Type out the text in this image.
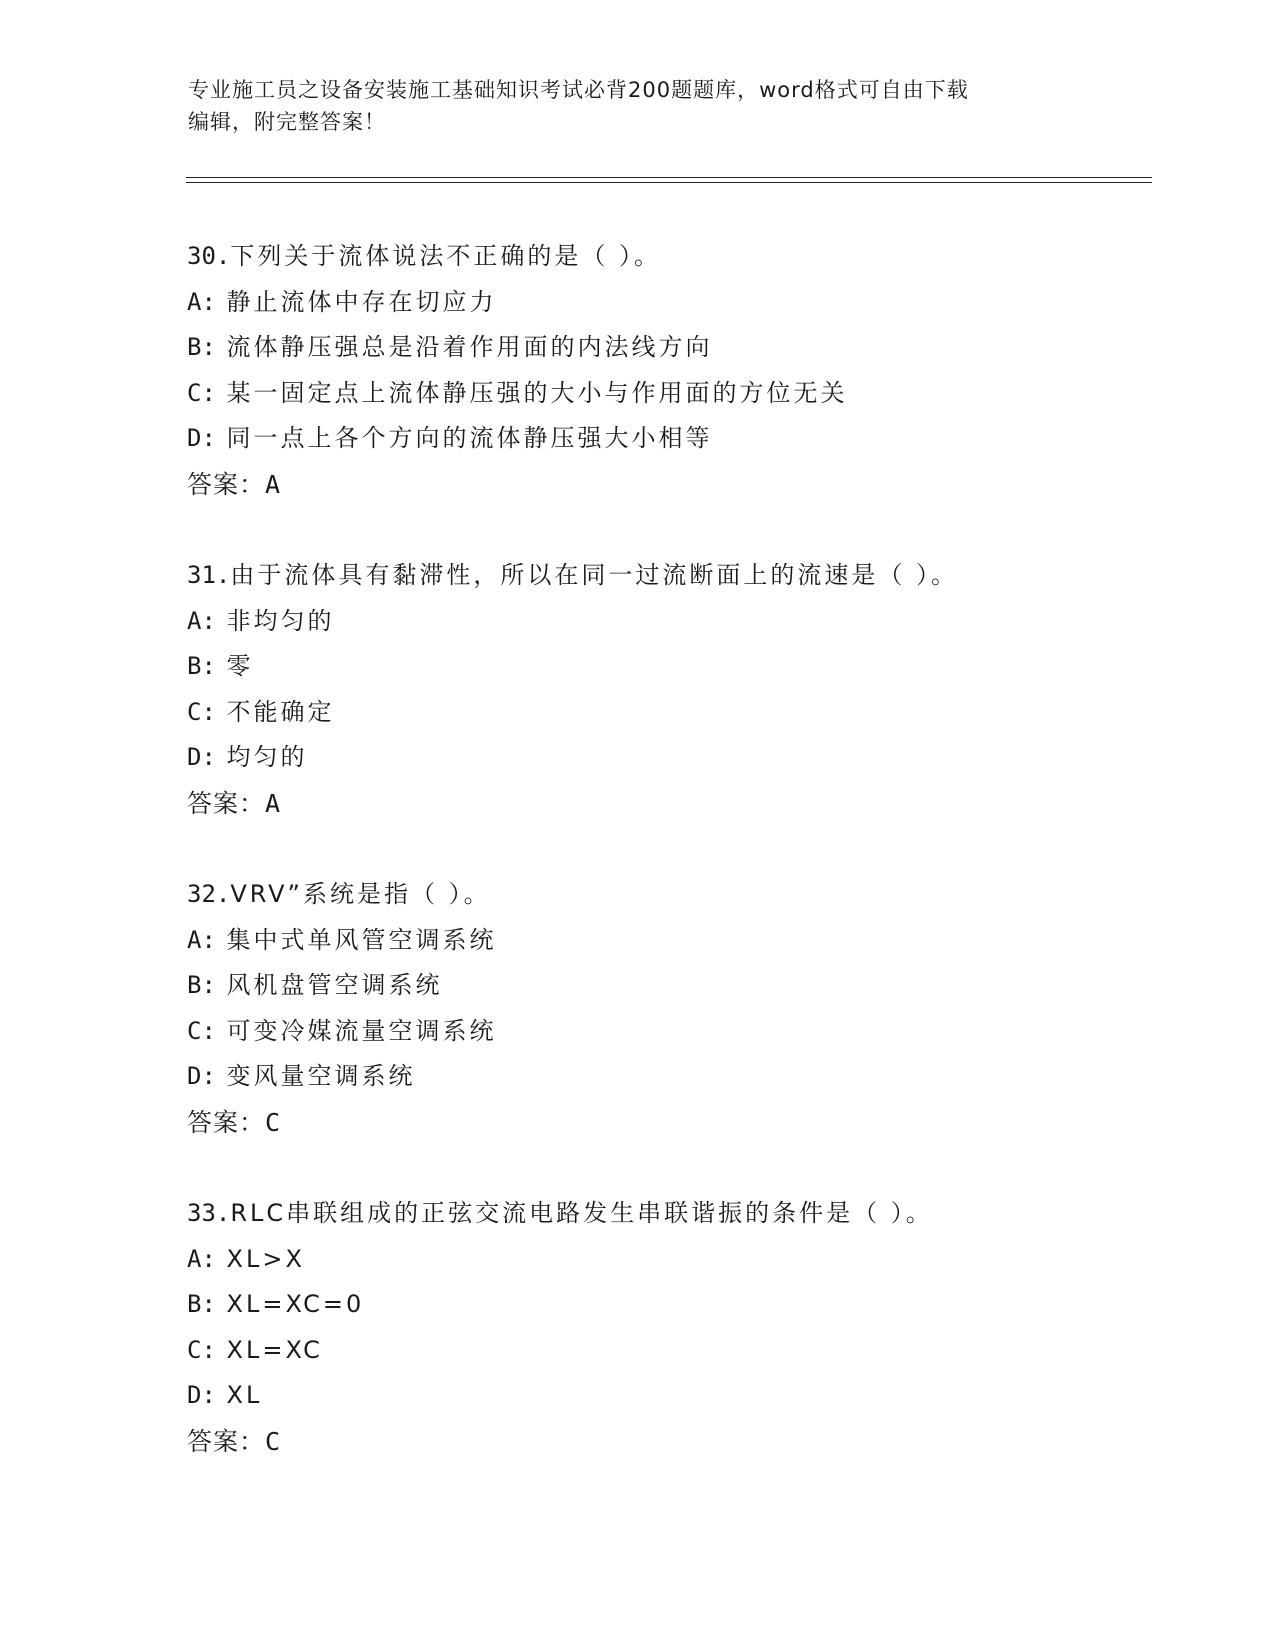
专业施工员之设备安装施工基础知识考试必背200题题库，word格式可自由下载
编辑，附完整答案！
30.下列关于流体说法不正确的是（ ）。
A: 静止流体中存在切应力
B: 流体静压强总是沿着作用面的内法线方向
C: 某一固定点上流体静压强的大小与作用面的方位无关
D: 同一点上各个方向的流体静压强大小相等
答案：A
31.由于流体具有黏滞性，所以在同一过流断面上的流速是（ ）。
A: 非均匀的
B: 零
C: 不能确定
D: 均匀的
答案：A
32.VRV”系统是指（ ）。
A: 集中式单风管空调系统
B: 风机盘管空调系统
C: 可变冷媒流量空调系统
D: 变风量空调系统
答案：C
33.RLC串联组成的正弦交流电路发生串联谐振的条件是（ ）。
A: XL>X
B: XL=XC=0
C: XL=XC
D: XL
答案：C
